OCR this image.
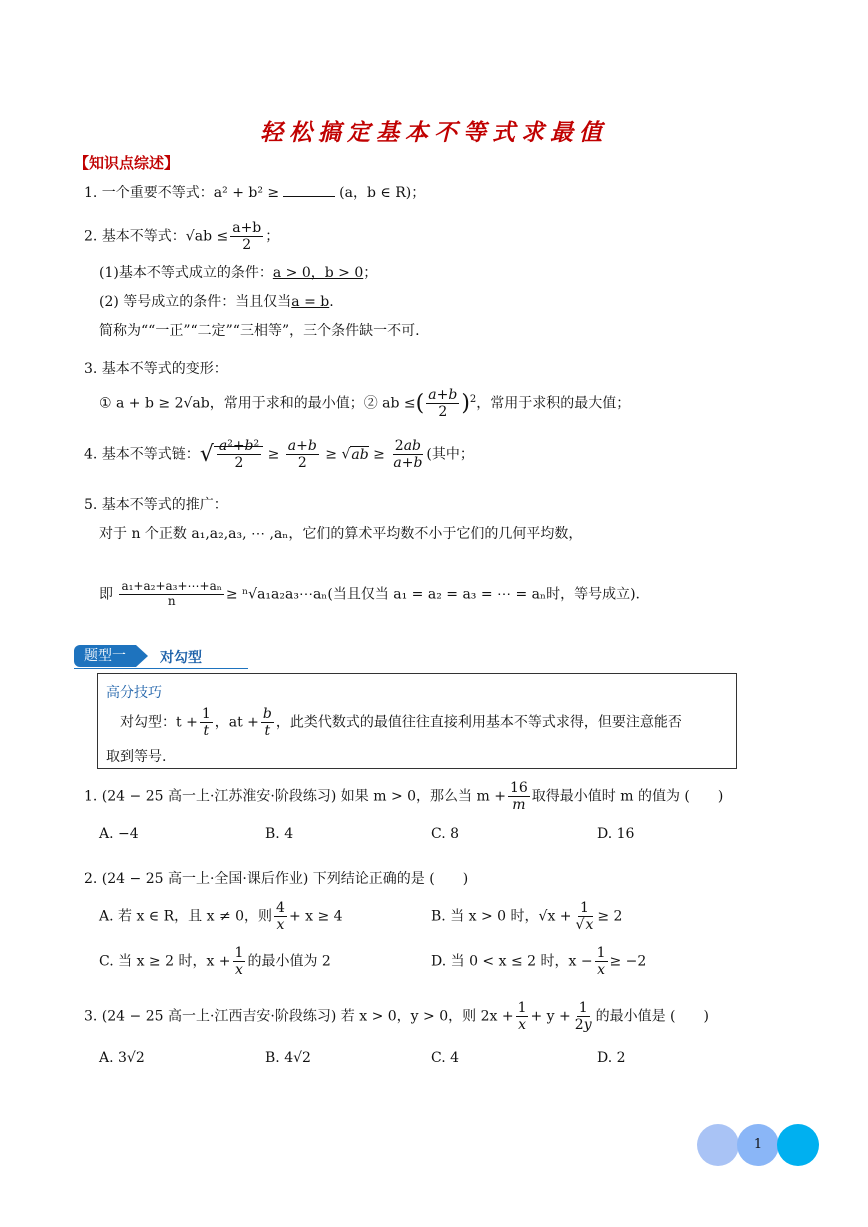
轻松搞定基本不等式求最值
【知识点综述】
1. 一个重要不等式：a² + b² ≥	(a，b ∈ R)；
2. 基本不等式：$√ab \le \frac{a+b}{2}$ ；
(1)基本不等式成立的条件：a > 0，b > 0；
(2) 等号成立的条件：当且仅当a = b.
简称为““一正”“二定”“三相等”，三个条件缺一不可.
3. 基本不等式的变形：
① a + b ≥ 2√ab，常用于求和的最小值；② ab ≤( $\frac{a+b}{2} )^2$，常用于求积的最大值；
4. 基本不等式链：√ $\frac{\text{a²+b²}}{2} \ge \frac{a+b}{2} \ge √ab \ge \frac{2ab}{a+b}$ (其中；
5. 基本不等式的推广：
对于 n 个正数 a₁,a₂,a₃, ⋯ ,aₙ，它们的算术平均数不小于它们的几何平均数，
即 $\frac{\text{a₁+a₂+a₃+⋯+aₙ}}{n}$ ≥ ⁿ√a₁a₂a₃⋯aₙ(当且仅当 a₁ = a₂ = a₃ = ⋯ = aₙ时，等号成立).
题型一	对勾型
高分技巧
对勾型：$t + \frac{1}{t}$ ，at + $\frac{b}{t}$ ，此类代数式的最值往往直接利用基本不等式求得，但要注意能否
取到等号.
1. (24 − 25 高一上·江苏淮安·阶段练习) 如果 m > 0，那么当 $m + \frac{16}{m}$ 取得最小值时 m 的值为 (　　)
A. −4	B. 4	C. 8	D. 16
2. (24 − 25 高一上·全国·课后作业) 下列结论正确的是 (　　)
A. 若 x ∈ R，且 x ≠ 0，则 $\frac{4}{x} + x \ge 4$	B. 当 x > 0 时，$√x + \frac{1}{√x} \ge 2$
C. 当 x ≥ 2 时，$x + \frac{1}{x}$ 的最小值为 2	D. 当 0 < x ≤ 2 时，$x - \frac{1}{x} \ge -2$
3. (24 − 25 高一上·江西吉安·阶段练习) 若 x > 0，y > 0，则 $2x + \frac{1}{x} + y + \frac{1}{2y}$ 的最小值是 (　　)
A. 3√2	B. 4√2	C. 4	D. 2
1
